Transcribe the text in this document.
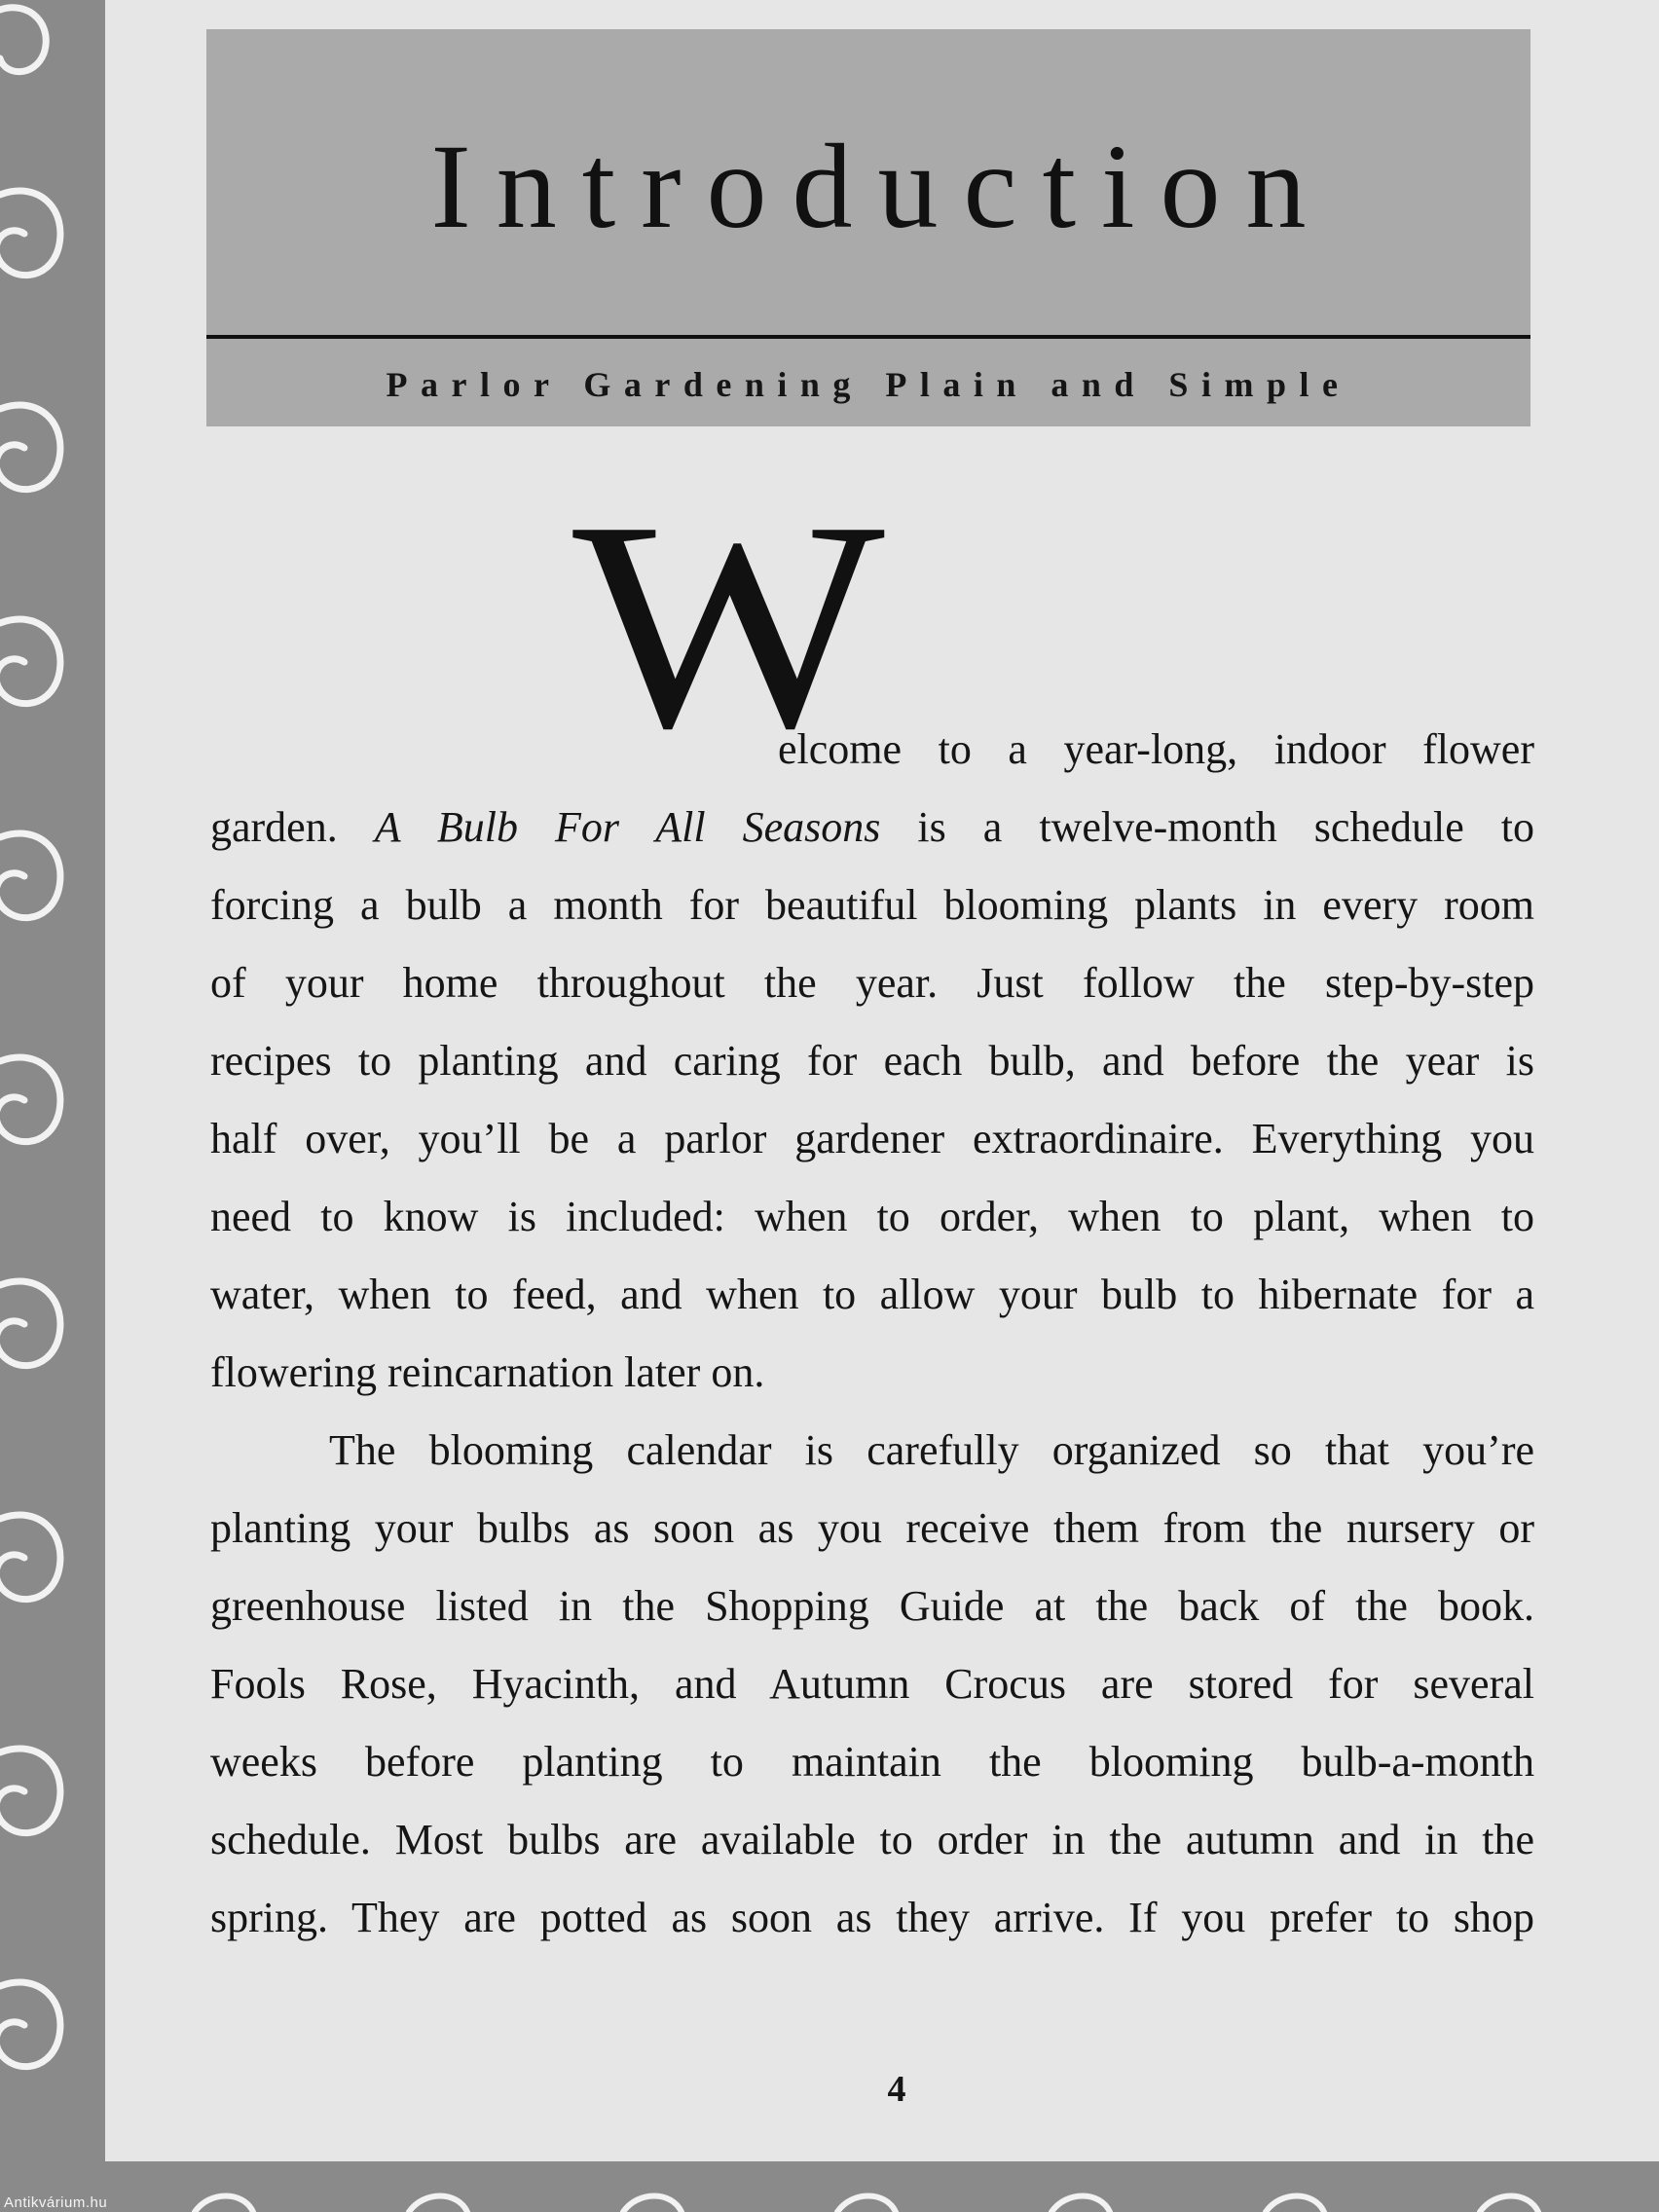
Introduction
Parlor Gardening Plain and Simple
W
elcome to a year-long, indoor flower
garden. A Bulb For All Seasons is a twelve-month schedule to
forcing a bulb a month for beautiful blooming plants in every room
of your home throughout the year. Just follow the step-by-step
recipes to planting and caring for each bulb, and before the year is
half over, you’ll be a parlor gardener extraordinaire. Everything you
need to know is included: when to order, when to plant, when to
water, when to feed, and when to allow your bulb to hibernate for a
flowering reincarnation later on.
The blooming calendar is carefully organized so that you’re
planting your bulbs as soon as you receive them from the nursery or
greenhouse listed in the Shopping Guide at the back of the book.
Fools Rose, Hyacinth, and Autumn Crocus are stored for several
weeks before planting to maintain the blooming bulb-a-month
schedule. Most bulbs are available to order in the autumn and in the
spring. They are potted as soon as they arrive. If you prefer to shop
4
Antikvárium.hu
